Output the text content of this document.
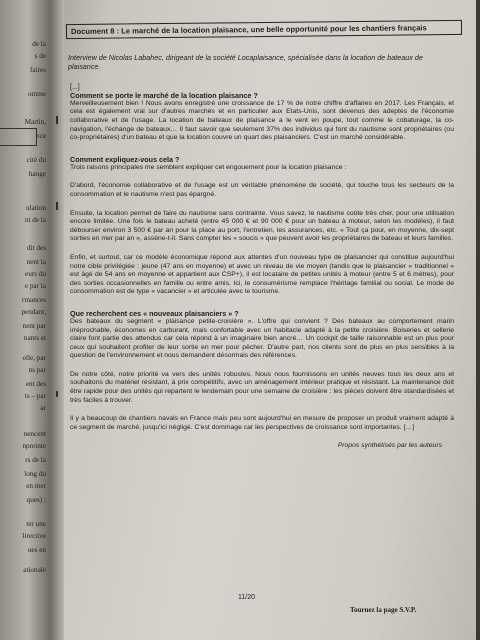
de la
s de
faires
omme
Martin,
nce
cité du
hange
ulation
nt de la
dit des
nent la
eurs du
e par la
rmances
pendant,
nent par
nants et
elle, par
ns par
ent des
ts – par
ar
nencent
npreinte
rs de la
long du
en mer
ques) ;
ter une
lirective
ues en
ationale
Document 8 : Le marché de la location plaisance, une belle opportunité pour les chantiers français
Interview de Nicolas Labahec, dirigeant de la société Locaplaisance, spécialisée dans la location de bateaux de plaisance.
[...]
Comment se porte le marché de la location plaisance ?
Merveilleusement bien ! Nous avons enregistré une croissance de 17 % de notre chiffre d'affaires en 2017. Les Français, et cela est également vrai sur d'autres marchés et en particulier aux Etats-Unis, sont devenus des adeptes de l'économie collaborative et de l'usage. La location de bateaux de plaisance a le vent en poupe, tout comme le cobaturage, la co-navigation, l'échange de bateaux… Il faut savoir que seulement 37% des individus qui font du nautisme sont propriétaires (ou co-propriétaires) d'un bateau et que la location couvre un quart des plaisanciers. C'est un marché considérable.
Comment expliquez-vous cela ?
Trois raisons principales me semblent expliquer cet engouement pour la location plaisance :
D'abord, l'économie collaborative et de l'usage est un véritable phénomène de société, qui touche tous les secteurs de la consommation et le nautisme n'est pas épargné.
Ensuite, la location permet de faire du nautisme sans contrainte. Vous savez, le nautisme coûte très cher, pour une utilisation encore limitée. Une fois le bateau acheté (entre 45 000 € et 90 000 € pour un bateau à moteur, selon les modèles), il faut débourser environ 3 500 € par an pour la place au port, l'entretien, les assurances, etc. « Tout ça pour, en moyenne, dix-sept sorties en mer par an », assène-t-il. Sans compter les « soucis » que peuvent avoir les propriétaires de bateau et leurs familles.
Enfin, et surtout, car ce modèle économique répond aux attentes d'un nouveau type de plaisancier qui constitue aujourd'hui notre cible privilégiée : jeune (47 ans en moyenne) et avec un niveau de vie moyen (tandis que le plaisancier « traditionnel » est âgé de 54 ans en moyenne et appartient aux CSP+), il est locataire de petites unités à moteur (entre 5 et 6 mètres), pour des sorties occasionnelles en famille ou entre amis. Ici, le consumérisme remplace l'héritage familial ou social. Le mode de consommation est de type « vacancier » et articulée avec le tourisme.
Que recherchent ces « nouveaux plaisanciers » ?
Des bateaux du segment « plaisance petite-croisière ». L'offre qui convient ? Des bateaux au comportement marin irréprochable, économes en carburant, mais confortable avec un habitacle adapté à la petite croisière. Boiseries et sellerie claire font partie des attendus car cela répond à un imaginaire bien ancré… Un cockpit de taille raisonnable est un plus pour ceux qui souhaitent profiter de leur sortie en mer pour pêcher. D'autre part, nos clients sont de plus en plus sensibles à la question de l'environnement et nous demandent désormais des références.
De notre côté, notre priorité va vers des unités robustes. Nous nous fournissons en unités neuves tous les deux ans et souhaitons du matériel résistant, à prix compétitifs, avec un aménagement intérieur pratique et résistant. La maintenance doit être rapide pour des unités qui repartent le lendemain pour une semaine de croisière : les pièces doivent être standardisées et très faciles à trouver.
Il y a beaucoup de chantiers navals en France mais peu sont aujourd'hui en mesure de proposer un produit vraiment adapté à ce segment de marché, jusqu'ici négligé. C'est dommage car les perspectives de croissance sont importantes. […]
Propos synthétisés par les auteurs
11/20
Tournez la page S.V.P.
